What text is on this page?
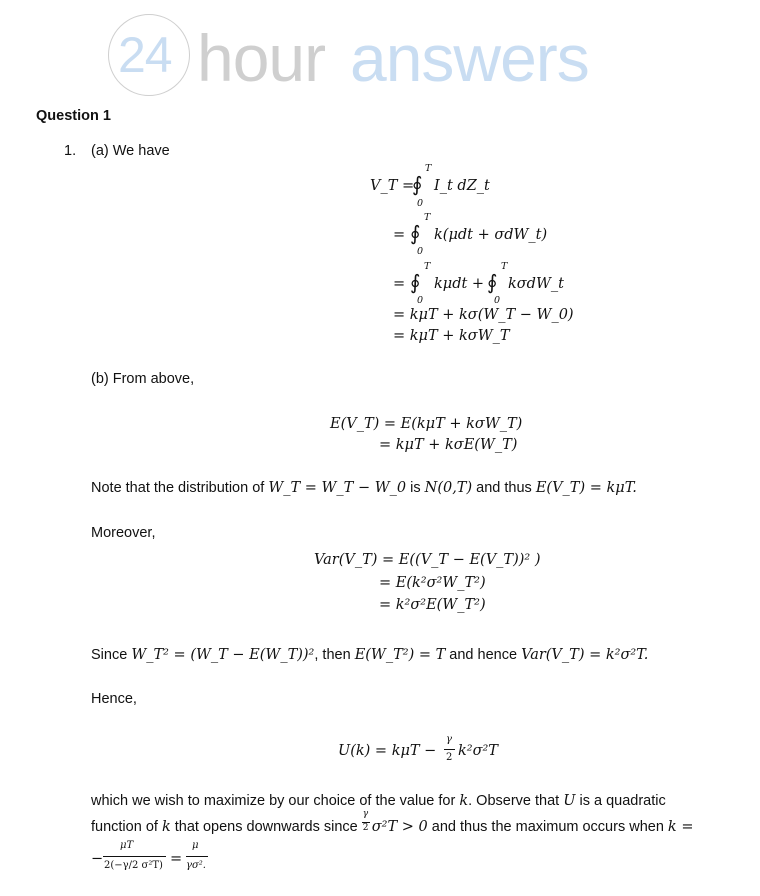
24 hour answers
Question 1
1. (a) We have
V_T =
∮
T
0
I_t dZ_t
= ∮
T
0
k(μdt + σdW_t)
= ∮
T
0
kμdt + ∮
T
0
kσdW_t
= kμT + kσ(W_T − W_0)
= kμT + kσW_T
(b) From above,
E(V_T) = E(kμT + kσW_T)
= kμT + kσE(W_T)
Note that the distribution of W_T = W_T − W_0 is N(0,T) and thus E(V_T) = kμT.
Moreover,
Var(V_T) = E((V_T − E(V_T))² )
= E(k²σ²W_T²)
= k²σ²E(W_T²)
Since W_T² = (W_T − E(W_T))², then E(W_T²) = T and hence Var(V_T) = k²σ²T.
Hence,
U(k) = kμT −
γ
2 k²σ²T
which we wish to maximize by our choice of the value for k. Observe that U is a quadratic
function of k that opens downwards since $\frac{\gamma}{2} \sigma^2T > 0$ and thus the maximum occurs when k =
−
μT
2(−γ/2 σ²T) =
μ
γσ².
